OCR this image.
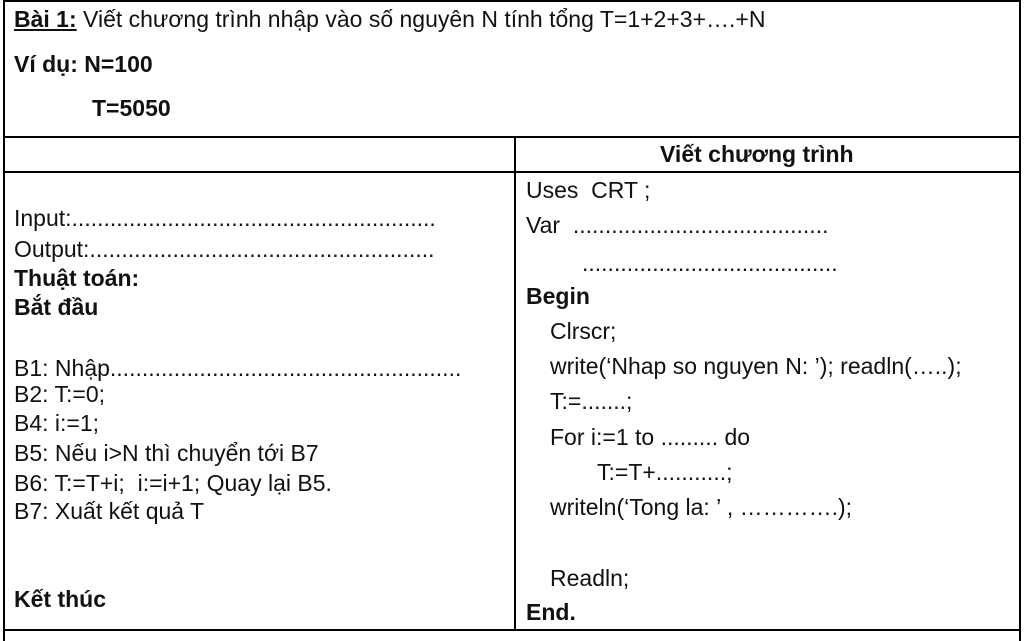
Bài 1: Viết chương trình nhập vào số nguyên N tính tổng T=1+2+3+….+N
Ví dụ: N=100
T=5050
Viết chương trình
Input:.........................................................
Output:......................................................
Thuật toán:
Bắt đầu
B1: Nhập.......................................................
B2: T:=0;
B4: i:=1;
B5: Nếu i>N thì chuyển tới B7
B6: T:=T+i;  i:=i+1; Quay lại B5.
B7: Xuất kết quả T
Kết thúc
Uses  CRT ;
Var  ........................................
........................................
Begin
Clrscr;
write(‘Nhap so nguyen N: ’); readln(…..);
T:=.......;
For i:=1 to ......... do
T:=T+...........;
writeln(‘Tong la: ’ , ………….);
Readln;
End.
